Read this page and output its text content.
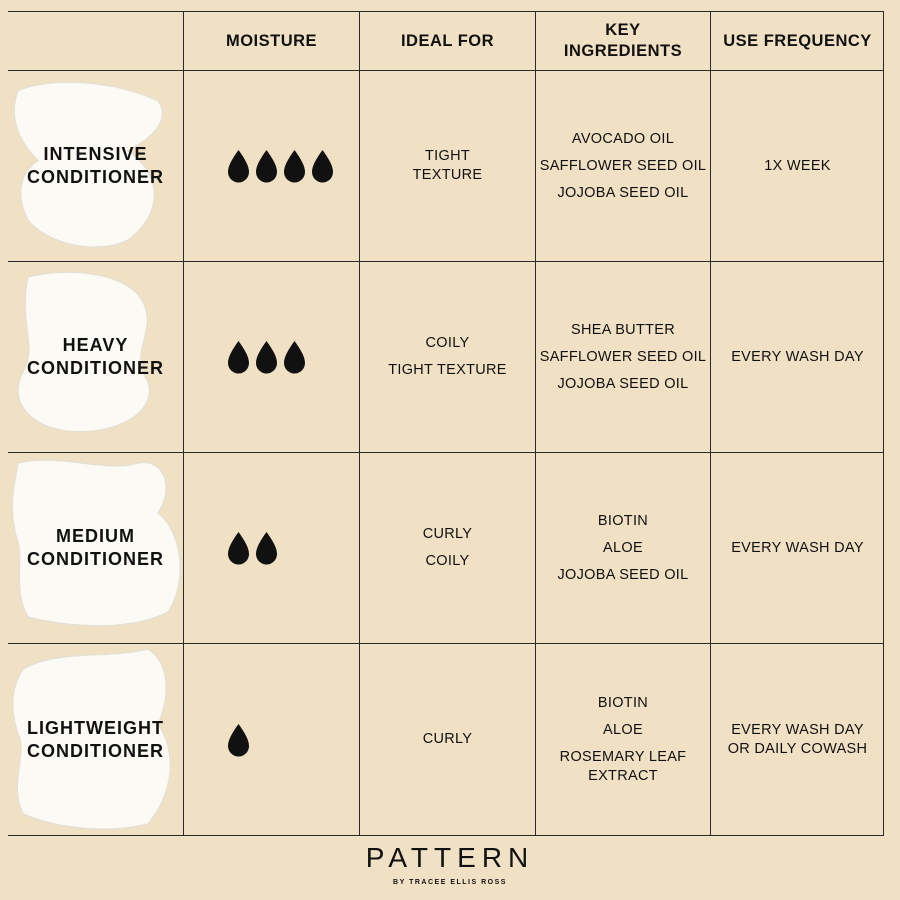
MOISTURE	IDEAL FOR
KEY
INGREDIENTS
USE FREQUENCY
INTENSIVE
CONDITIONER
TIGHT
TEXTURE
AVOCADO OIL
SAFFLOWER SEED OIL
JOJOBA SEED OIL
1X WEEK
HEAVY
CONDITIONER
COILY
TIGHT TEXTURE
SHEA BUTTER
SAFFLOWER SEED OIL
JOJOBA SEED OIL
EVERY WASH DAY
MEDIUM
CONDITIONER
CURLY
COILY
BIOTIN
ALOE
JOJOBA SEED OIL
EVERY WASH DAY
LIGHTWEIGHT
CONDITIONER
CURLY
BIOTIN
ALOE
ROSEMARY LEAF
EXTRACT
EVERY WASH DAY
OR DAILY COWASH
PATTERN
BY TRACEE ELLIS ROSS
